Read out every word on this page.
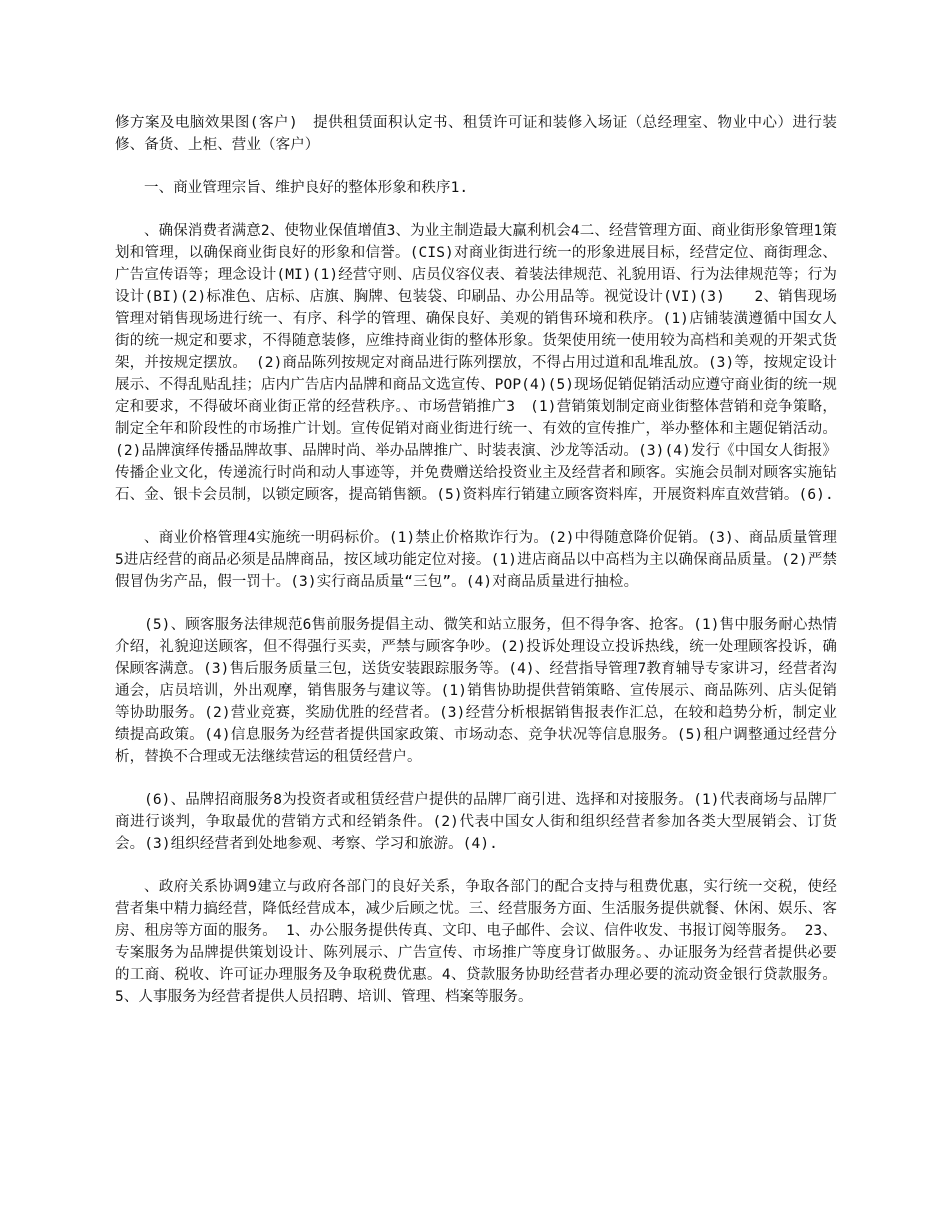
修方案及电脑效果图(客户)　提供租赁面积认定书、租赁许可证和装修入场证（总经理室、物业中心）进行装修、备货、上柜、营业（客户）

一、商业管理宗旨、维护良好的整体形象和秩序1.

、确保消费者满意2、使物业保值增值3、为业主制造最大赢利机会4二、经营管理方面、商业街形象管理1策划和管理，以确保商业街良好的形象和信誉。(CIS)对商业街进行统一的形象进展目标，经营定位、商街理念、广告宣传语等；理念设计(MI)(1)经营守则、店员仪容仪表、着装法律规范、礼貌用语、行为法律规范等；行为设计(BI)(2)标准色、店标、店旗、胸牌、包装袋、印刷品、办公用品等。视觉设计(VI)(3)　　2、销售现场管理对销售现场进行统一、有序、科学的管理、确保良好、美观的销售环境和秩序。(1)店铺装潢遵循中国女人街的统一规定和要求，不得随意装修，应维持商业街的整体形象。货架使用统一使用较为高档和美观的开架式货架，并按规定摆放。 (2)商品陈列按规定对商品进行陈列摆放，不得占用过道和乱堆乱放。(3)等，按规定设计展示、不得乱贴乱挂；店内广告店内品牌和商品文选宣传、POP(4)(5)现场促销促销活动应遵守商业街的统一规定和要求，不得破坏商业街正常的经营秩序。、市场营销推广3　(1)营销策划制定商业街整体营销和竞争策略，制定全年和阶段性的市场推广计划。宣传促销对商业街进行统一、有效的宣传推广，举办整体和主题促销活动。(2)品牌演绎传播品牌故事、品牌时尚、举办品牌推广、时装表演、沙龙等活动。(3)(4)发行《中国女人街报》传播企业文化，传递流行时尚和动人事迹等，并免费赠送给投资业主及经营者和顾客。实施会员制对顾客实施钻石、金、银卡会员制，以锁定顾客，提高销售额。(5)资料库行销建立顾客资料库，开展资料库直效营销。(6).

、商业价格管理4实施统一明码标价。(1)禁止价格欺诈行为。(2)中得随意降价促销。(3)、商品质量管理 5进店经营的商品必须是品牌商品，按区域功能定位对接。(1)进店商品以中高档为主以确保商品质量。(2)严禁假冒伪劣产品，假一罚十。(3)实行商品质量“三包”。(4)对商品质量进行抽检。

(5)、顾客服务法律规范6售前服务提倡主动、微笑和站立服务，但不得争客、抢客。(1)售中服务耐心热情介绍，礼貌迎送顾客，但不得强行买卖，严禁与顾客争吵。(2)投诉处理设立投诉热线，统一处理顾客投诉，确保顾客满意。(3)售后服务质量三包，送货安装跟踪服务等。(4)、经营指导管理7教育辅导专家讲习，经营者沟通会，店员培训，外出观摩，销售服务与建议等。(1)销售协助提供营销策略、宣传展示、商品陈列、店头促销等协助服务。(2)营业竞赛，奖励优胜的经营者。(3)经营分析根据销售报表作汇总，在较和趋势分析，制定业绩提高政策。(4)信息服务为经营者提供国家政策、市场动态、竞争状况等信息服务。(5)租户调整通过经营分析，替换不合理或无法继续营运的租赁经营户。

(6)、品牌招商服务8为投资者或租赁经营户提供的品牌厂商引进、选择和对接服务。(1)代表商场与品牌厂商进行谈判，争取最优的营销方式和经销条件。(2)代表中国女人街和组织经营者参加各类大型展销会、订货会。(3)组织经营者到处地参观、考察、学习和旅游。(4).

、政府关系协调9建立与政府各部门的良好关系，争取各部门的配合支持与租费优惠，实行统一交税，使经营者集中精力搞经营，降低经营成本，减少后顾之忧。三、经营服务方面、生活服务提供就餐、休闲、娱乐、客房、租房等方面的服务。 1、办公服务提供传真、文印、电子邮件、会议、信件收发、书报订阅等服务。 23、专案服务为品牌提供策划设计、陈列展示、广告宣传、市场推广等度身订做服务。、办证服务为经营者提供必要的工商、税收、许可证办理服务及争取税费优惠。4、贷款服务协助经营者办理必要的流动资金银行贷款服务。5、人事服务为经营者提供人员招聘、培训、管理、档案等服务。
